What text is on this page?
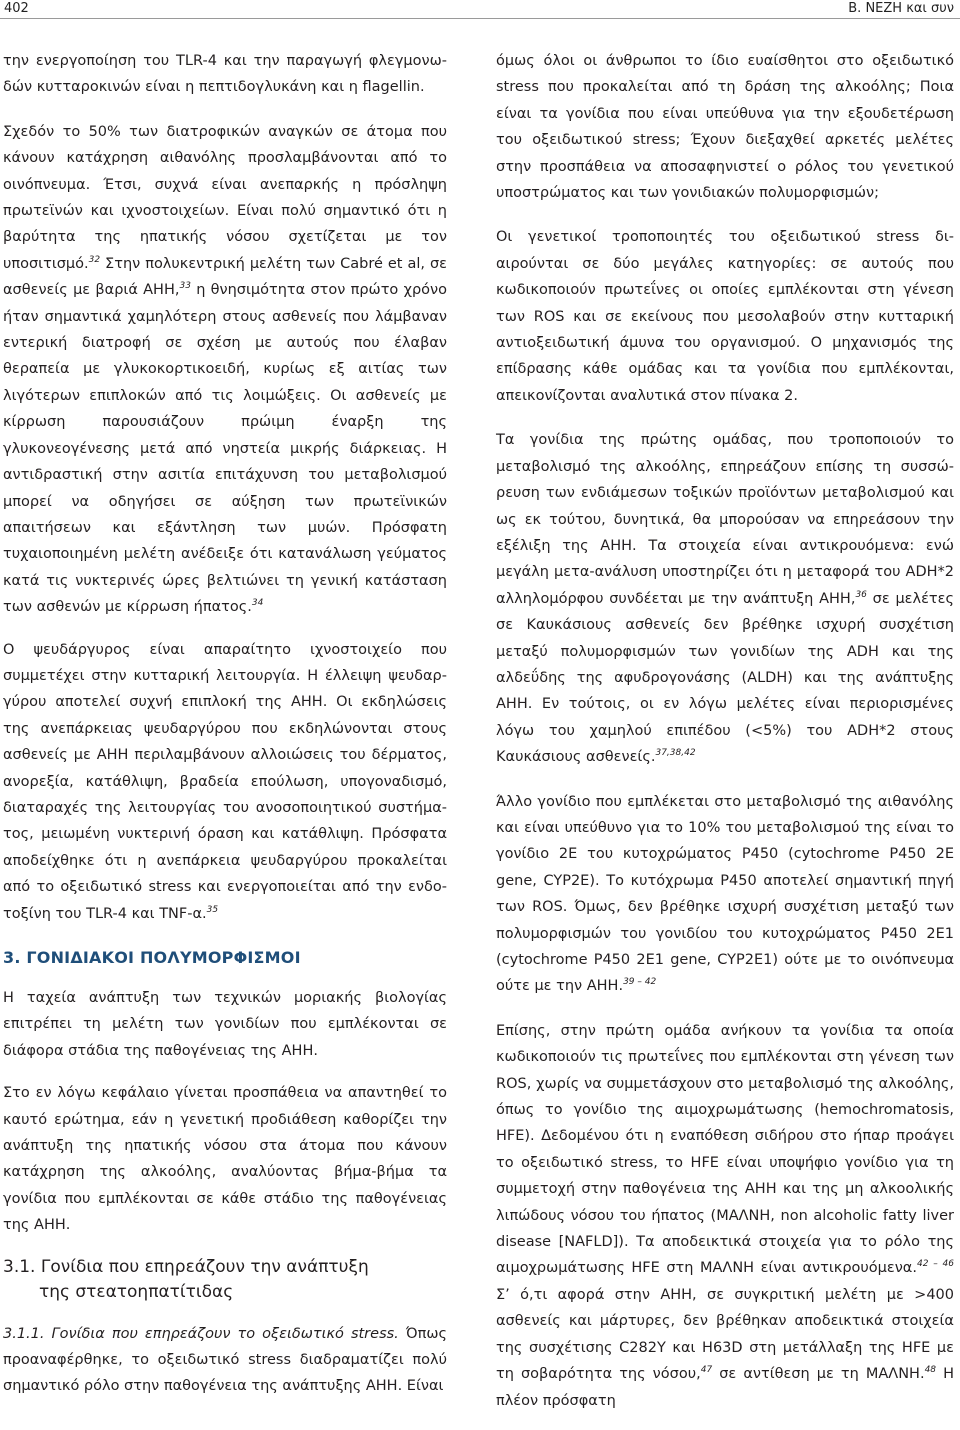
402	Β. ΝΕΖΗ και συν

την ενεργοποίηση του TLR-4 και την παραγωγή φλεγμονωδών κυτταροκινών είναι η πεπτιδογλυκάνη και η flagellin.

Σχεδόν το 50% των διατροφικών αναγκών σε άτομα που κάνουν κατάχρηση αιθανόλης προσλαμβάνονται από το οινόπνευμα. Έτσι, συχνά είναι ανεπαρκής η πρόσληψη πρωτεϊνών και ιχνοστοιχείων. Είναι πολύ σημαντικό ότι η βαρύτητα της ηπατικής νόσου σχετίζεται με τον υποσιτισμό.$^{32}$ Στην πολυκεντρική μελέτη των Cabré et al, σε ασθενείς με βαριά ΑΗΗ,$^{33}$ η θνησιμότητα στον πρώτο χρόνο ήταν σημαντικά χαμηλότερη στους ασθενείς που λάμβαναν εντερική διατροφή σε σχέση με αυτούς που έλαβαν θεραπεία με γλυκοκορτικοειδή, κυρίως εξ αιτίας των λιγότερων επιπλοκών από τις λοιμώξεις. Οι ασθενείς με κίρρωση παρουσιάζουν πρώιμη έναρξη της γλυκονεογένεσης μετά από νηστεία μικρής διάρκειας. Η αντιδραστική στην ασιτία επιτάχυνση του μεταβολισμού μπορεί να οδηγήσει σε αύξηση των πρωτεϊνικών απαιτήσεων και εξάντληση των μυών. Πρόσφατη τυχαιοποιημένη μελέτη ανέδειξε ότι κατανάλωση γεύματος κατά τις νυκτερινές ώρες βελτιώνει τη γενική κατάσταση των ασθενών με κίρρωση ήπατος.$^{34}$

Ο ψευδάργυρος είναι απαραίτητο ιχνοστοιχείο που συμμετέχει στην κυτταρική λειτουργία. Η έλλειψη ψευδαργύρου αποτελεί συχνή επιπλοκή της ΑΗΗ. Οι εκδηλώσεις της ανεπάρκειας ψευδαργύρου που εκδηλώνονται στους ασθενείς με ΑΗΗ περιλαμβάνουν αλλοιώσεις του δέρματος, ανορεξία, κατάθλιψη, βραδεία επούλωση, υπογοναδισμό, διαταραχές της λειτουργίας του ανοσοποιητικού συστήματος, μειωμένη νυκτερινή όραση και κατάθλιψη. Πρόσφατα αποδείχθηκε ότι η ανεπάρκεια ψευδαργύρου προκαλείται από το οξειδωτικό stress και ενεργοποιείται από την ενδοτοξίνη του TLR-4 και TNF-α.$^{35}$

3. ΓΟΝΙΔΙΑΚΟΙ ΠΟΛΥΜΟΡΦΙΣΜΟΙ

Η ταχεία ανάπτυξη των τεχνικών μοριακής βιολογίας επιτρέπει τη μελέτη των γονιδίων που εμπλέκονται σε διάφορα στάδια της παθογένειας της ΑΗΗ.

Στο εν λόγω κεφάλαιο γίνεται προσπάθεια να απαντηθεί το καυτό ερώτημα, εάν η γενετική προδιάθεση καθορίζει την ανάπτυξη της ηπατικής νόσου στα άτομα που κάνουν κατάχρηση της αλκοόλης, αναλύοντας βήμα-βήμα τα γονίδια που εμπλέκονται σε κάθε στάδιο της παθογένειας της ΑΗΗ.

3.1. Γονίδια που επηρεάζουν την ανάπτυξη
της στεατοηπατίτιδας

3.1.1. Γονίδια που επηρεάζουν το οξειδωτικό stress. Όπως προαναφέρθηκε, το οξειδωτικό stress διαδραματίζει πολύ σημαντικό ρόλο στην παθογένεια της ανάπτυξης ΑΗΗ. Είναι

όμως όλοι οι άνθρωποι το ίδιο ευαίσθητοι στο οξειδωτικό stress που προκαλείται από τη δράση της αλκοόλης; Ποια είναι τα γονίδια που είναι υπεύθυνα για την εξουδετέρωση του οξειδωτικού stress; Έχουν διεξαχθεί αρκετές μελέτες στην προσπάθεια να αποσαφηνιστεί ο ρόλος του γενετικού υποστρώματος και των γονιδιακών πολυμορφισμών;

Οι γενετικοί τροποποιητές του οξειδωτικού stress διαιρούνται σε δύο μεγάλες κατηγορίες: σε αυτούς που κωδικοποιούν πρωτεΐνες οι οποίες εμπλέκονται στη γένεση των ROS και σε εκείνους που μεσολαβούν στην κυτταρική αντιοξειδωτική άμυνα του οργανισμού. Ο μηχανισμός της επίδρασης κάθε ομάδας και τα γονίδια που εμπλέκονται, απεικονίζονται αναλυτικά στον πίνακα 2.

Τα γονίδια της πρώτης ομάδας, που τροποποιούν το μεταβολισμό της αλκοόλης, επηρεάζουν επίσης τη συσσώρευση των ενδιάμεσων τοξικών προϊόντων μεταβολισμού και ως εκ τούτου, δυνητικά, θα μπορούσαν να επηρεάσουν την εξέλιξη της ΑΗΗ. Τα στοιχεία είναι αντικρουόμενα: ενώ μεγάλη μετα-ανάλυση υποστηρίζει ότι η μεταφορά του ADH*2 αλληλομόρφου συνδέεται με την ανάπτυξη ΑΗΗ,$^{36}$ σε μελέτες σε Καυκάσιους ασθενείς δεν βρέθηκε ισχυρή συσχέτιση μεταξύ πολυμορφισμών των γονιδίων της ADH και της αλδεΰδης της αφυδρογονάσης (ALDH) και της ανάπτυξης ΑΗΗ. Εν τούτοις, οι εν λόγω μελέτες είναι περιορισμένες λόγω του χαμηλού επιπέδου (<5%) του ADH*2 στους Καυκάσιους ασθενείς.$^{37,38,42}$

Άλλο γονίδιο που εμπλέκεται στο μεταβολισμό της αιθανόλης και είναι υπεύθυνο για το 10% του μεταβολισμού της είναι το γονίδιο 2Ε του κυτοχρώματος P450 (cytochrome P450 2E gene, CYP2E). Το κυτόχρωμα P450 αποτελεί σημαντική πηγή των ROS. Όμως, δεν βρέθηκε ισχυρή συσχέτιση μεταξύ των πολυμορφισμών του γονιδίου του κυτοχρώματος P450 2E1 (cytochrome P450 2E1 gene, CYP2E1) ούτε με το οινόπνευμα ούτε με την ΑΗΗ.$^{39 - 42}$

Επίσης, στην πρώτη ομάδα ανήκουν τα γονίδια τα οποία κωδικοποιούν τις πρωτεΐνες που εμπλέκονται στη γένεση των ROS, χωρίς να συμμετάσχουν στο μεταβολισμό της αλκοόλης, όπως το γονίδιο της αιμοχρωμάτωσης (hemochromatosis, HFE). Δεδομένου ότι η εναπόθεση σιδήρου στο ήπαρ προάγει το οξειδωτικό stress, το HFE είναι υποψήφιο γονίδιο για τη συμμετοχή στην παθογένεια της ΑΗΗ και της μη αλκοολικής λιπώδους νόσου του ήπατος (ΜΑΛΝΗ, non alcoholic fatty liver disease [NAFLD]). Τα αποδεικτικά στοιχεία για το ρόλο της αιμοχρωμάτωσης HFE στη ΜΑΛΝΗ είναι αντικρουόμενα.$^{42 - 46}$ Σ’ ό,τι αφορά στην ΑΗΗ, σε συγκριτική μελέτη με >400 ασθενείς και μάρτυρες, δεν βρέθηκαν αποδεικτικά στοιχεία της συσχέτισης C282Y και H63D στη μετάλλαξη της HFE με τη σοβαρότητα της νόσου,$^{47}$ σε αντίθεση με τη ΜΑΛΝΗ.$^{48}$ Η πλέον πρόσφατη
